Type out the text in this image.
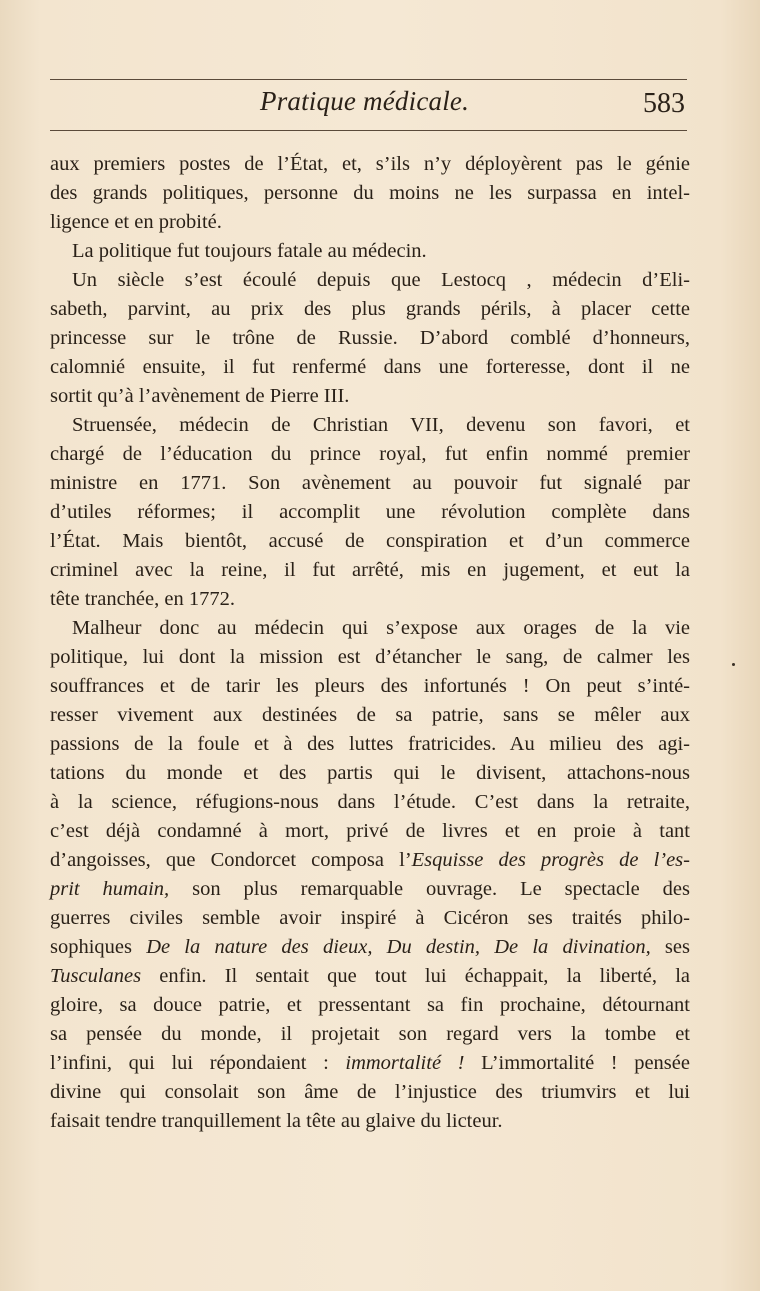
Pratique médicale.	583
aux premiers postes de l’État, et, s’ils n’y déployèrent pas le génie
des grands politiques, personne du moins ne les surpassa en intel-
ligence et en probité.
La politique fut toujours fatale au médecin.
Un siècle s’est écoulé depuis que Lestocq , médecin d’Eli-
sabeth, parvint, au prix des plus grands périls, à placer cette
princesse sur le trône de Russie. D’abord comblé d’honneurs,
calomnié ensuite, il fut renfermé dans une forteresse, dont il ne
sortit qu’à l’avènement de Pierre III.
Struensée, médecin de Christian VII, devenu son favori, et
chargé de l’éducation du prince royal, fut enfin nommé premier
ministre en 1771. Son avènement au pouvoir fut signalé par
d’utiles réformes; il accomplit une révolution complète dans
l’État. Mais bientôt, accusé de conspiration et d’un commerce
criminel avec la reine, il fut arrêté, mis en jugement, et eut la
tête tranchée, en 1772.
Malheur donc au médecin qui s’expose aux orages de la vie
politique, lui dont la mission est d’étancher le sang, de calmer les
souffrances et de tarir les pleurs des infortunés ! On peut s’inté-
resser vivement aux destinées de sa patrie, sans se mêler aux
passions de la foule et à des luttes fratricides. Au milieu des agi-
tations du monde et des partis qui le divisent, attachons-nous
à la science, réfugions-nous dans l’étude. C’est dans la retraite,
c’est déjà condamné à mort, privé de livres et en proie à tant
d’angoisses, que Condorcet composa l’Esquisse des progrès de l’es-
prit humain, son plus remarquable ouvrage. Le spectacle des
guerres civiles semble avoir inspiré à Cicéron ses traités philo-
sophiques De la nature des dieux, Du destin, De la divination, ses
Tusculanes enfin. Il sentait que tout lui échappait, la liberté, la
gloire, sa douce patrie, et pressentant sa fin prochaine, détournant
sa pensée du monde, il projetait son regard vers la tombe et
l’infini, qui lui répondaient : immortalité ! L’immortalité ! pensée
divine qui consolait son âme de l’injustice des triumvirs et lui
faisait tendre tranquillement la tête au glaive du licteur.
